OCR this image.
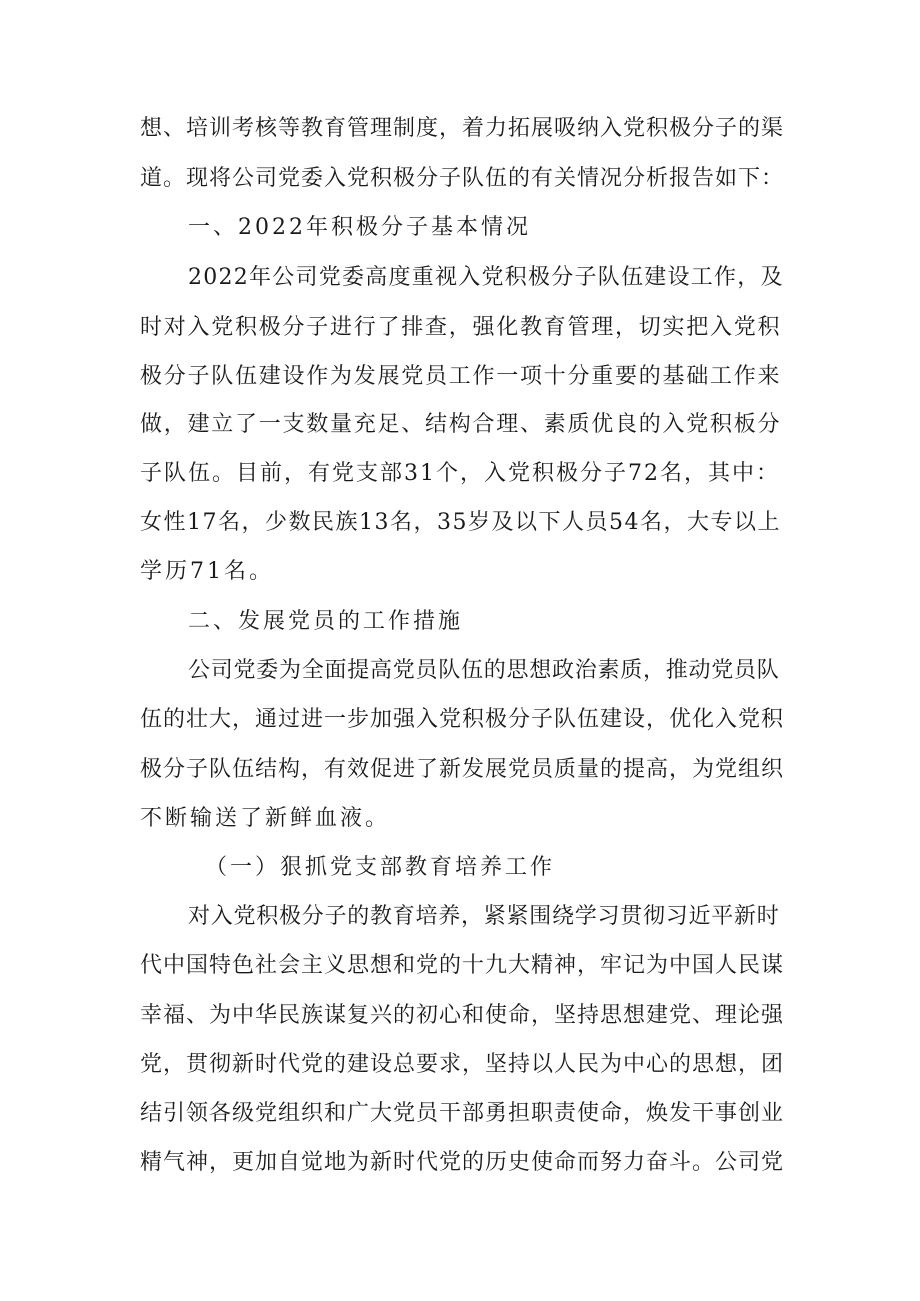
想、培训考核等教育管理制度，着力拓展吸纳入党积极分子的渠
道。现将公司党委入党积极分子队伍的有关情况分析报告如下：
一、2022年积极分子基本情况
2022年公司党委高度重视入党积极分子队伍建设工作，及
时对入党积极分子进行了排查，强化教育管理，切实把入党积
极分子队伍建设作为发展党员工作一项十分重要的基础工作来
做，建立了一支数量充足、结构合理、素质优良的入党积板分
子队伍。目前，有党支部31个，入党积极分子72名，其中：
女性17名，少数民族13名，35岁及以下人员54名，大专以上
学历71名。
二、发展党员的工作措施
公司党委为全面提高党员队伍的思想政治素质，推动党员队
伍的壮大，通过进一步加强入党积极分子队伍建设，优化入党积
极分子队伍结构，有效促进了新发展党员质量的提高，为党组织
不断输送了新鲜血液。
（一）狠抓党支部教育培养工作
对入党积极分子的教育培养，紧紧围绕学习贯彻习近平新时
代中国特色社会主义思想和党的十九大精神，牢记为中国人民谋
幸福、为中华民族谋复兴的初心和使命，坚持思想建党、理论强
党，贯彻新时代党的建设总要求，坚持以人民为中心的思想，团
结引领各级党组织和广大党员干部勇担职责使命，焕发干事创业
精气神，更加自觉地为新时代党的历史使命而努力奋斗。公司党
